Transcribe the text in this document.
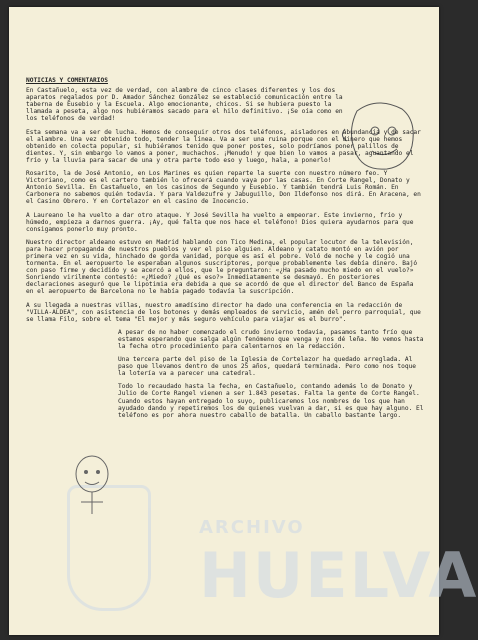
ARCHIVO
HUELVA

NOTICIAS Y COMENTARIOS

En Castañuelo, esta vez de verdad, con alambre de cinco clases diferentes y los dos aparatos regalados por D. Amador Sánchez González se estableció comunicación entre la taberna de Eusebio y la Escuela. Algo emocionante, chicos. Si se hubiera puesto la llamada a peseta, algo nos hubiéramos sacado para el hilo definitivo. ¡Se oía como en los teléfonos de verdad!

Esta semana va a ser de lucha. Hemos de conseguir otros dos teléfonos, aisladores en abundancia y de sacar el alambre. Una vez obtenido todo, tender la línea. Va a ser una ruina porque con el dinero que hemos obtenido en colecta popular, si hubiéramos tenido que poner postes, solo podríamos poner palillos de dientes. Y, sin embargo lo vamos a poner, muchachos. ¡Menudo! y que bien lo vamos a pasar, aguantando el frío y la lluvia para sacar de una y otra parte todo eso y luego, hala, a ponerlo!

Rosarito, la de José Antonio, en Los Marines es quien reparte la suerte con nuestro número feo. Y Victoriano, como es el cartero también lo ofrecerá cuando vaya por las casas. En Corte Rangel, Donato y Antonio Sevilla. En Castañuelo, en los casinos de Segundo y Eusebio. Y también tendrá Luis Román. En Carbonera no sabemos quién todavía. Y para Valdezufre y Jabuguillo, Don Ildefonso nos dirá. En Aracena, en el Casino Obrero. Y en Cortelazor en el casino de Inocencio.

A Laureano le ha vuelto a dar otro ataque. Y José Sevilla ha vuelto a empeorar. Este invierno, frío y húmedo, empieza a darnos guerra. ¡Ay, qué falta que nos hace el teléfono! Dios quiera ayudarnos para que consigamos ponerlo muy pronto.

Nuestro director aldeano estuvo en Madrid hablando con Tico Medina, el popular locutor de la televisión, para hacer propaganda de nuestros pueblos y ver el piso alguien. Aldeano y catato montó en avión por primera vez en su vida, hinchado de gorda vanidad, porque es así el pobre. Voló de noche y le cogió una tormenta. En el aeropuerto le esperaban algunos suscriptores, porque probablemente les debía dinero. Bajó con paso firme y decidido y se acercó a ellos, que le preguntaron: «¿Ha pasado mucho miedo en el vuelo?» Sonriendo virilmente contestó: «¿Miedo? ¿Qué es eso?» Inmediatamente se desmayó. En posteriores declaraciones aseguró que le lipotimia era debida a que se acordó de que el director del Banco de España en el aeropuerto de Barcelona no le había pagado todavía la suscripción.

A su llegada a nuestras villas, nuestro amadísimo director ha dado una conferencia en la redacción de "VILLA-ALDEA", con asistencia de los botones y demás empleados de servicio, amén del perro parroquial, que se llama Filo, sobre el tema "El mejor y más seguro vehículo para viajar es el burro".

A pesar de no haber comenzado el crudo invierno todavía, pasamos tanto frío que estamos esperando que salga algún fenómeno que venga y nos dé leña. No vemos hasta la fecha otro procedimiento para calentarnos en la redacción.

Una tercera parte del piso de la Iglesia de Cortelazor ha quedado arreglada. Al paso que llevamos dentro de unos 25 años, quedará terminada. Pero como nos toque la lotería va a parecer una catedral.

Todo lo recaudado hasta la fecha, en Castañuelo, contando además lo de Donato y Julio de Corte Rangel vienen a ser 1.843 pesetas. Falta la gente de Corte Rangel. Cuando estos hayan entregado lo suyo, publicaremos los nombres de los que han ayudado dando y repetiremos los de quienes vuelvan a dar, si es que hay alguno. El teléfono es por ahora nuestro caballo de batalla. Un caballo bastante largo.
